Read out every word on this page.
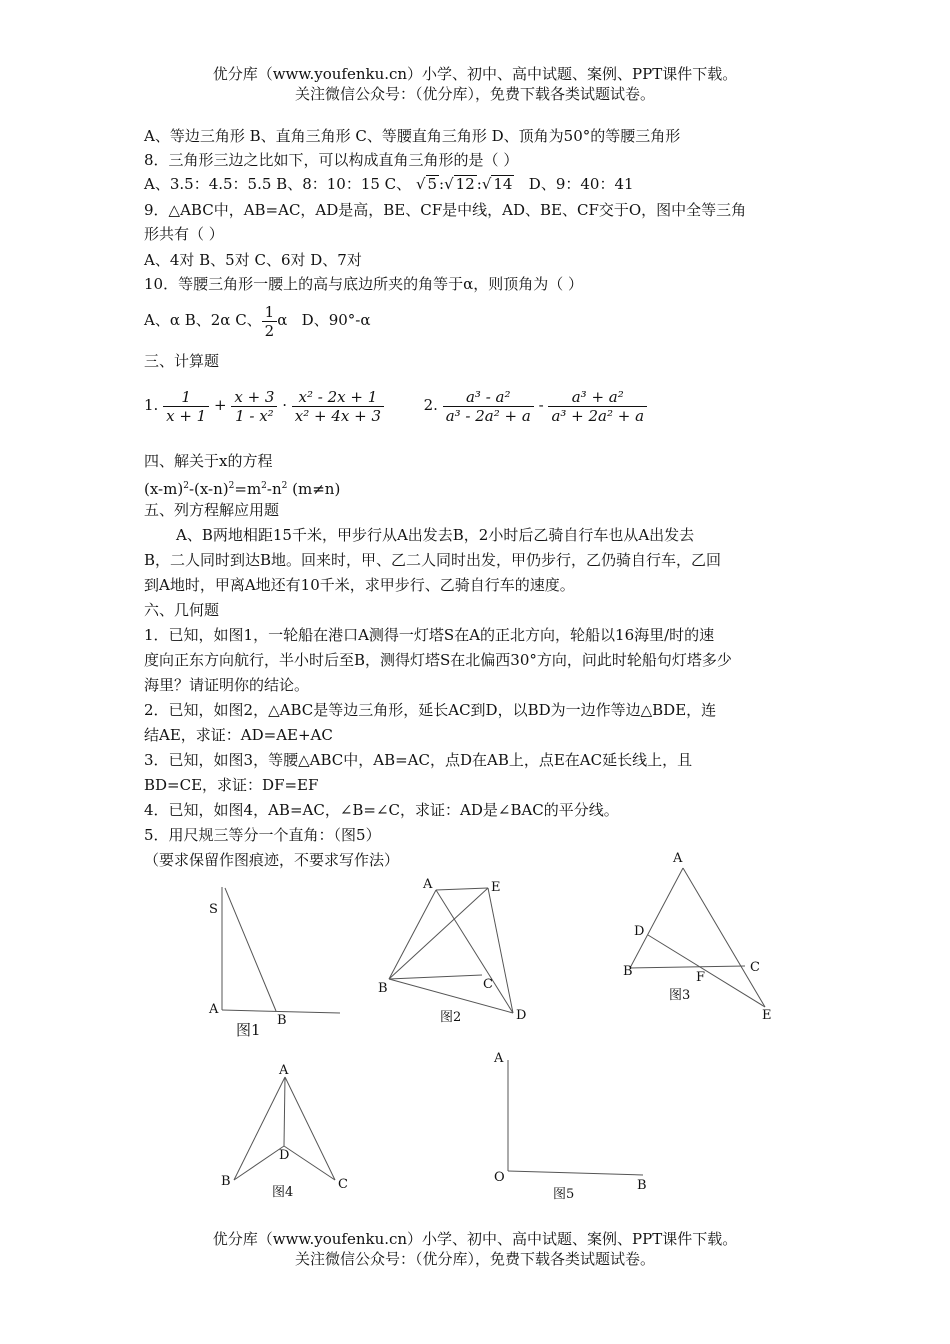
优分库（www.youfenku.cn）小学、初中、高中试题、案例、PPT课件下载。
关注微信公众号：（优分库），免费下载各类试题试卷。
A、等边三角形 B、直角三角形 C、等腰直角三角形 D、顶角为50°的等腰三角形
8．三角形三边之比如下，可以构成直角三角形的是（ ）
A、3.5：4.5：5.5 B、8：10：15 C、 √ 5 :√ 12 :√ 14 D、9：40：41
9．△ABC中，AB=AC，AD是高，BE、CF是中线，AD、BE、CF交于O，图中全等三角
形共有（ ）
A、4对 B、5对 C、6对 D、7对
10．等腰三角形一腰上的高与底边所夹的角等于α，则顶角为（ ）
A、α B、2α C、 $\frac{1}{2}$ α D、90°-α
三、计算题
1. $\frac{1}{x + 1} + \frac{x + 3}{\text{1 - x²}} \cdot \frac{\text{x² - 2x + 1}}{\text{x² + 4x + 3}}$	2. $\frac{\text{a³ - a²}}{\text{a³ - 2a² + a}} - \frac{\text{a³ + a²}}{\text{a³ + 2a² + a}}$
四、解关于x的方程
$(x-m)^2-(x-n)^2=m^2-n^2$ (m≠n)
五、列方程解应用题
A、B两地相距15千米，甲步行从A出发去B，2小时后乙骑自行车也从A出发去
B，二人同时到达B地。回来时，甲、乙二人同时出发，甲仍步行，乙仍骑自行车，乙回
到A地时，甲离A地还有10千米，求甲步行、乙骑自行车的速度。
六、几何题
1．已知，如图1，一轮船在港口A测得一灯塔S在A的正北方向，轮船以16海里/时的速
度向正东方向航行，半小时后至B，测得灯塔S在北偏西30°方向，问此时轮船句灯塔多少
海里？请证明你的结论。
2．已知，如图2，△ABC是等边三角形，延长AC到D，以BD为一边作等边△BDE，连
结AE，求证：AD=AE+AC
3．已知，如图3，等腰△ABC中，AB=AC，点D在AB上，点E在AC延长线上，且
BD=CE，求证：DF=EF
4．已知，如图4，AB=AC，∠B=∠C，求证：AD是∠BAC的平分线。
5．用尺规三等分一个直角：（图5）
（要求保留作图痕迹，不要求写作法）
S
A
B
图1
A	E
B	C
D
图2
A
D
B	F
C
E
图3
A
D
B	C
图4
A
O
B
图5
优分库（www.youfenku.cn）小学、初中、高中试题、案例、PPT课件下载。
关注微信公众号：（优分库），免费下载各类试题试卷。
